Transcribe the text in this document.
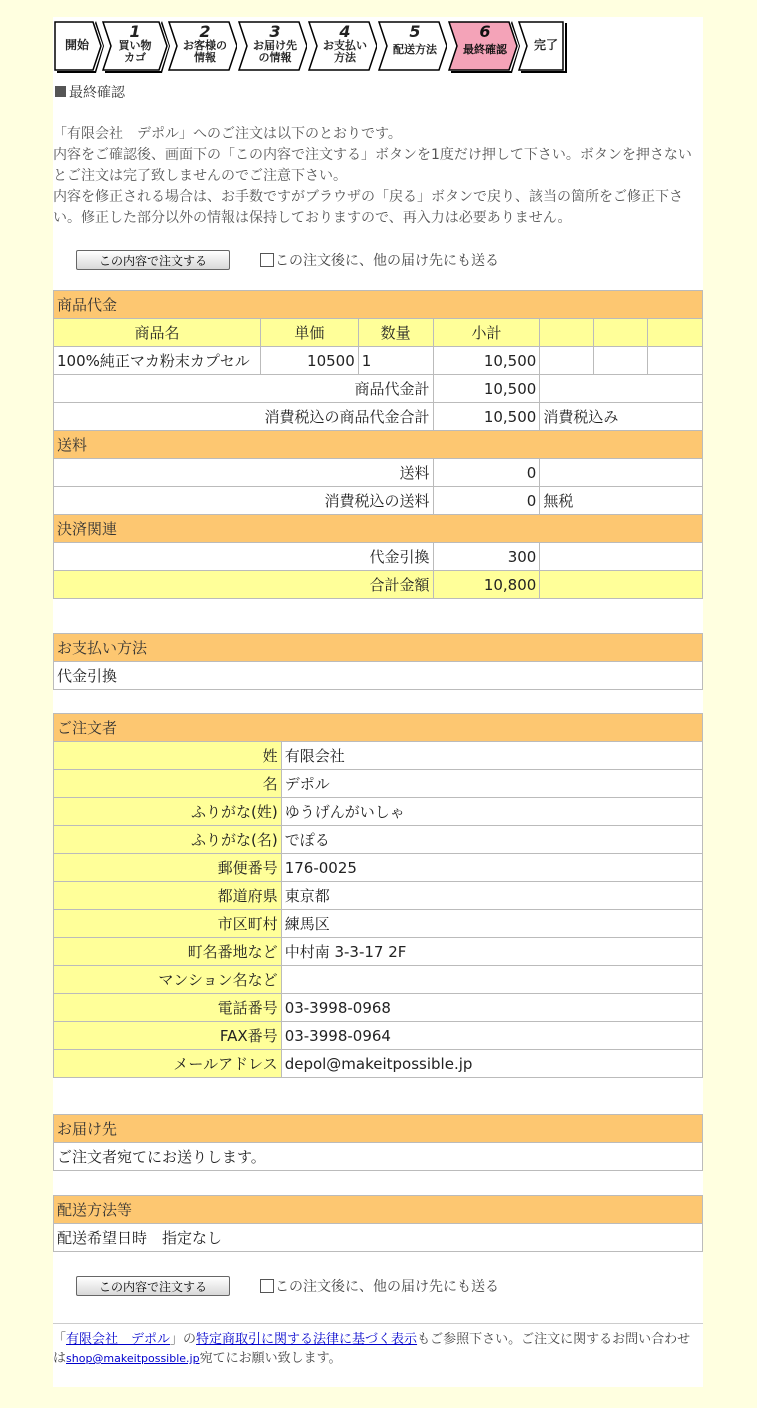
開始
1
買い物
カゴ
2
お客様の
情報
3
お届け先
の情報
4
お支払い
方法
5
配送方法
6
最終確認	完了
最終確認
「有限会社　デポル」へのご注文は以下のとおりです。
内容をご確認後、画面下の「この内容で注文する」ボタンを1度だけ押して下さい。ボタンを押さないとご注文は完了致しませんのでご注意下さい。
内容を修正される場合は、お手数ですがブラウザの「戻る」ボタンで戻り、該当の箇所をご修正下さい。修正した部分以外の情報は保持しておりますので、再入力は必要ありません。
この内容で注文する	この注文後に、他の届け先にも送る
商品代金						
商品名	単価	数量	小計			
100%純正マカ粉末カプセル	10500	1	10,500			
商品代金計			10,500			
消費税込の商品代金合計			10,500	消費税込み		
送料						
送料			0			
消費税込の送料			0	無税		
決済関連						
代金引換			300			
合計金額			10,800			
お支払い方法
代金引換
ご注文者	
姓	有限会社
名	デポル
ふりがな(姓)	ゆうげんがいしゃ
ふりがな(名)	でぽる
郵便番号	176-0025
都道府県	東京都
市区町村	練馬区
町名番地など	中村南 3-3-17 2F
マンション名など	
電話番号	03-3998-0968
FAX番号	03-3998-0964
メールアドレス	depol@makeitpossible.jp
お届け先
ご注文者宛てにお送りします。
配送方法等
配送希望日時　指定なし
この内容で注文する	この注文後に、他の届け先にも送る
「有限会社　デポル」の特定商取引に関する法律に基づく表示もご参照下さい。ご注文に関するお問い合わせはshop@makeitpossible.jp宛てにお願い致します。
